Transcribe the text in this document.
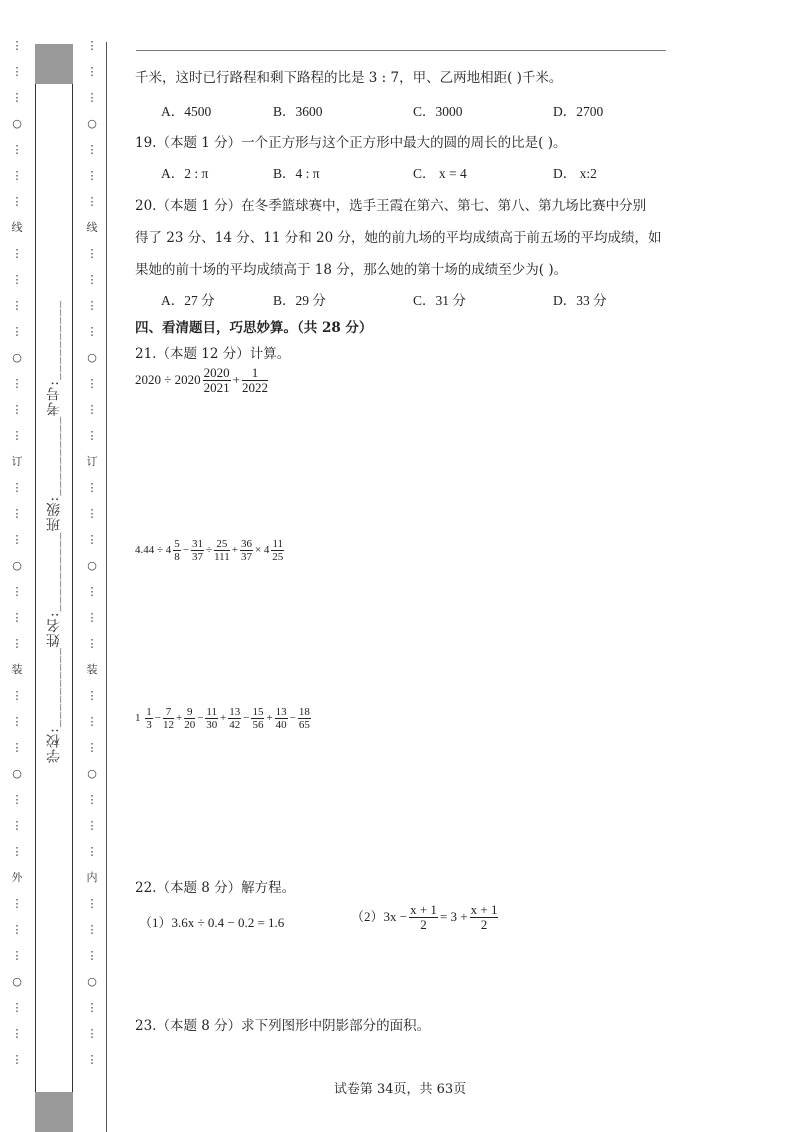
⋮
⋮
⋮
○
⋮
⋮
⋮
线
⋮
⋮
⋮
⋮
○
⋮
⋮
⋮
订
⋮
⋮
⋮
○
⋮
⋮
⋮
装
⋮
⋮
⋮
○
⋮
⋮
⋮
外
⋮
⋮
⋮
○
⋮
⋮
⋮
学校:__________姓名:__________班级:__________考号:__________
⋮
⋮
⋮
○
⋮
⋮
⋮
线
⋮
⋮
⋮
⋮
○
⋮
⋮
⋮
订
⋮
⋮
⋮
○
⋮
⋮
⋮
装
⋮
⋮
⋮
○
⋮
⋮
⋮
内
⋮
⋮
⋮
○
⋮
⋮
⋮
千米，这时已行路程和剩下路程的比是 3 : 7，甲、乙两地相距( )千米。
A．4500	B．3600	C．3000	D．2700
19.（本题 1 分）一个正方形与这个正方形中最大的圆的周长的比是( )。
A．2 : π	B．4 : π	C． x = 4	D． x:2
20.（本题 1 分）在冬季篮球赛中，选手王霞在第六、第七、第八、第九场比赛中分别
得了 23 分、14 分、11 分和 20 分，她的前九场的平均成绩高于前五场的平均成绩，如
果她的前十场的平均成绩高于 18 分，那么她的第十场的成绩至少为( )。
A．27 分	B．29 分	C．31 分	D．33 分
四、看清题目，巧思妙算。（共 28 分）
21.（本题 12 分）计算。
$2020 \div 2020 \frac{2020}{2021} + \frac{1}{2022}$
$4.44 \div 4 \frac{5}{8} - \frac{31}{37} \div \frac{25}{111} + \frac{36}{37} \times 4 \frac{11}{25}$
$1 \frac{1}{3} - \frac{7}{12} + \frac{9}{20} - \frac{11}{30} + \frac{13}{42} - \frac{15}{56} + \frac{13}{40} - \frac{18}{65}$
22.（本题 8 分）解方程。
（1）3.6x ÷ 0.4 − 0.2 = 1.6	$(2)3x - \frac{x + 1}{2} = 3 + \frac{x + 1}{2}$
23.（本题 8 分）求下列图形中阴影部分的面积。
试卷第 34页，共 63页
